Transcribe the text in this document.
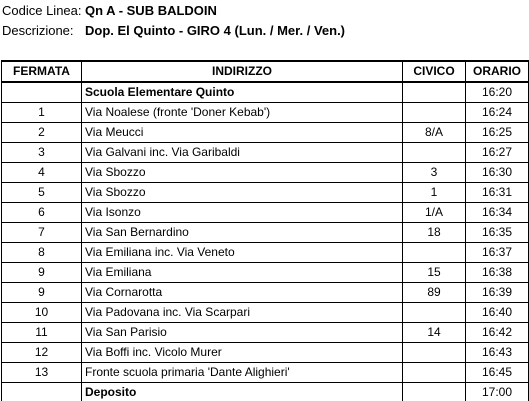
Codice Linea: Qn A - SUB BALDOIN
Descrizione: Dop. El Quinto - GIRO 4 (Lun. / Mer. / Ven.)
FERMATA	INDIRIZZO	CIVICO	ORARIO
	Scuola Elementare Quinto		16:20
1	Via Noalese (fronte 'Doner Kebab')		16:24
2	Via Meucci	8/A	16:25
3	Via Galvani inc. Via Garibaldi		16:27
4	Via Sbozzo	3	16:30
5	Via Sbozzo	1	16:31
6	Via Isonzo	1/A	16:34
7	Via San Bernardino	18	16:35
8	Via Emiliana inc. Via Veneto		16:37
9	Via Emiliana	15	16:38
9	Via Cornarotta	89	16:39
10	Via Padovana inc. Via Scarpari		16:40
11	Via San Parisio	14	16:42
12	Via Boffi inc. Vicolo Murer		16:43
13	Fronte scuola primaria 'Dante Alighieri'		16:45
	Deposito		17:00
